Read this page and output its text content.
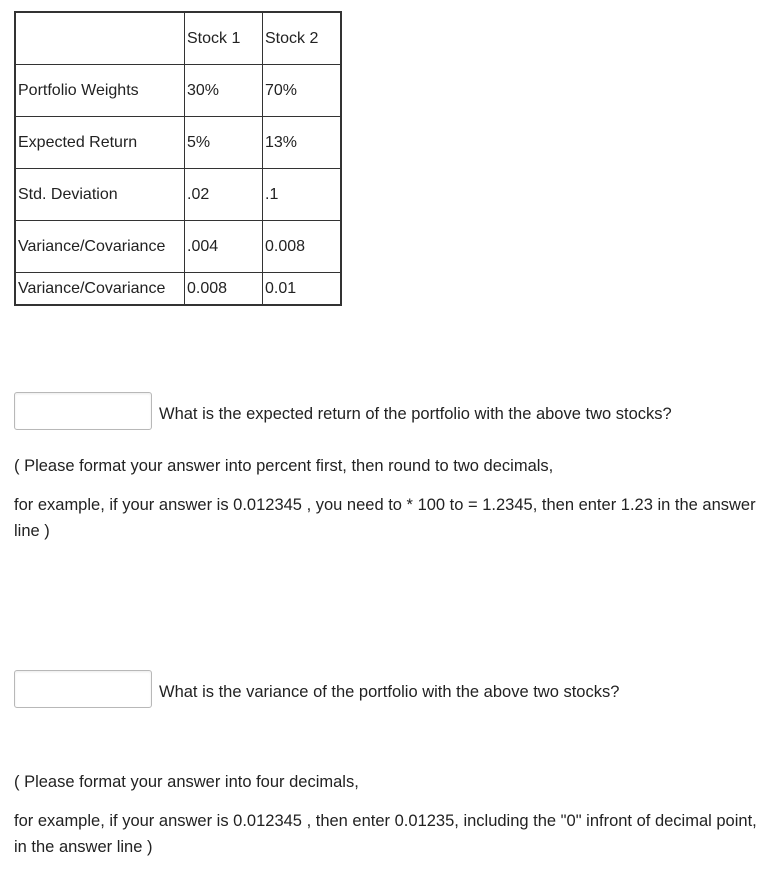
	Stock 1	Stock 2
Portfolio Weights	30%	70%
Expected Return	5%	13%
Std. Deviation	.02	.1
Variance/Covariance	.004	0.008
Variance/Covariance	0.008	0.01
What is the expected return of the portfolio with the above two stocks?
( Please format your answer into percent first, then round to two decimals,
for example, if your answer is 0.012345 , you need to * 100 to = 1.2345, then enter 1.23 in the answer line )
What is the variance of the portfolio with the above two stocks?
( Please format your answer into four decimals,
for example, if your answer is 0.012345 , then enter 0.01235, including the "0" infront of decimal point, in the answer line )
